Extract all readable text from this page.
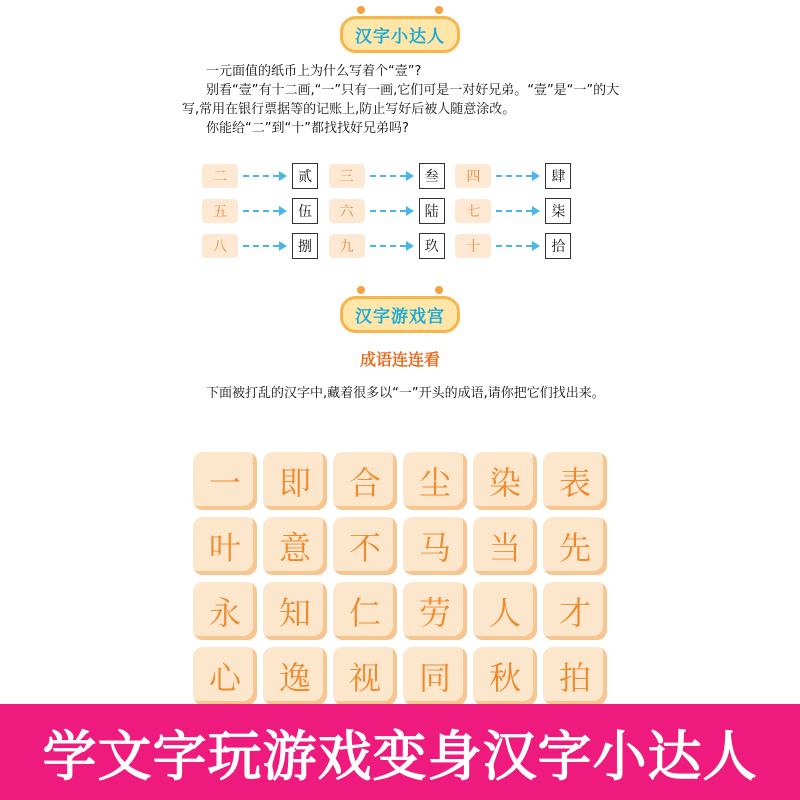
汉字小达人

一元面值的纸币上为什么写着个“壹”?

别看“壹”有十二画,“一”只有一画,它们可是一对好兄弟。“壹”是“一”的大写,常用在银行票据等的记账上,防止写好后被人随意涂改。

你能给“二”到“十”都找找好兄弟吗?

二	贰	三	叁	四	肆
五	伍	六	陆	七	柒
八	捌	九	玖	十	拾
汉字游戏宫
成语连连看
下面被打乱的汉字中,藏着很多以“一”开头的成语,请你把它们找出来。
一	即	合	尘	染	表
叶	意	不	马	当	先
永	知	仁	劳	人	才
心	逸	视	同	秋	拍
学文字玩游戏变身汉字小达人
